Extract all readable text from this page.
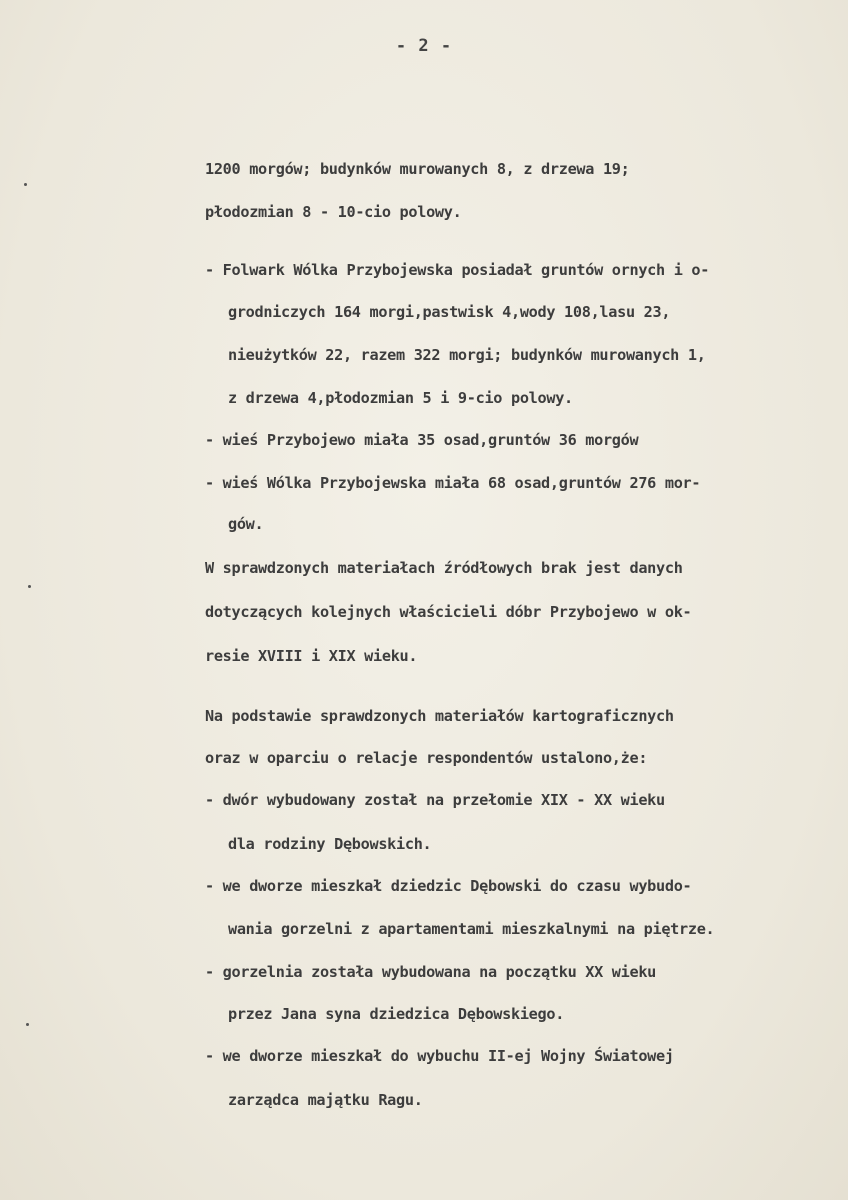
- 2 -
1200 morgów; budynków murowanych 8, z drzewa 19;
płodozmian 8 - 10-cio polowy.
- Folwark Wólka Przybojewska posiadał gruntów ornych i o-
grodniczych 164 morgi,pastwisk 4,wody 108,lasu 23,
nieużytków 22, razem 322 morgi; budynków murowanych 1,
z drzewa 4,płodozmian 5 i 9-cio polowy.
- wieś Przybojewo miała 35 osad,gruntów 36 morgów
- wieś Wólka Przybojewska miała 68 osad,gruntów 276 mor-
gów.
W sprawdzonych materiałach źródłowych brak jest danych
dotyczących kolejnych właścicieli dóbr Przybojewo w ok-
resie XVIII i XIX wieku.
Na podstawie sprawdzonych materiałów kartograficznych
oraz w oparciu o relacje respondentów ustalono,że:
- dwór wybudowany został na przełomie XIX - XX wieku
dla rodziny Dębowskich.
- we dworze mieszkał dziedzic Dębowski do czasu wybudo-
wania gorzelni z apartamentami mieszkalnymi na piętrze.
- gorzelnia została wybudowana na początku XX wieku
przez Jana syna dziedzica Dębowskiego.
- we dworze mieszkał do wybuchu II-ej Wojny Światowej
zarządca majątku Ragu.
